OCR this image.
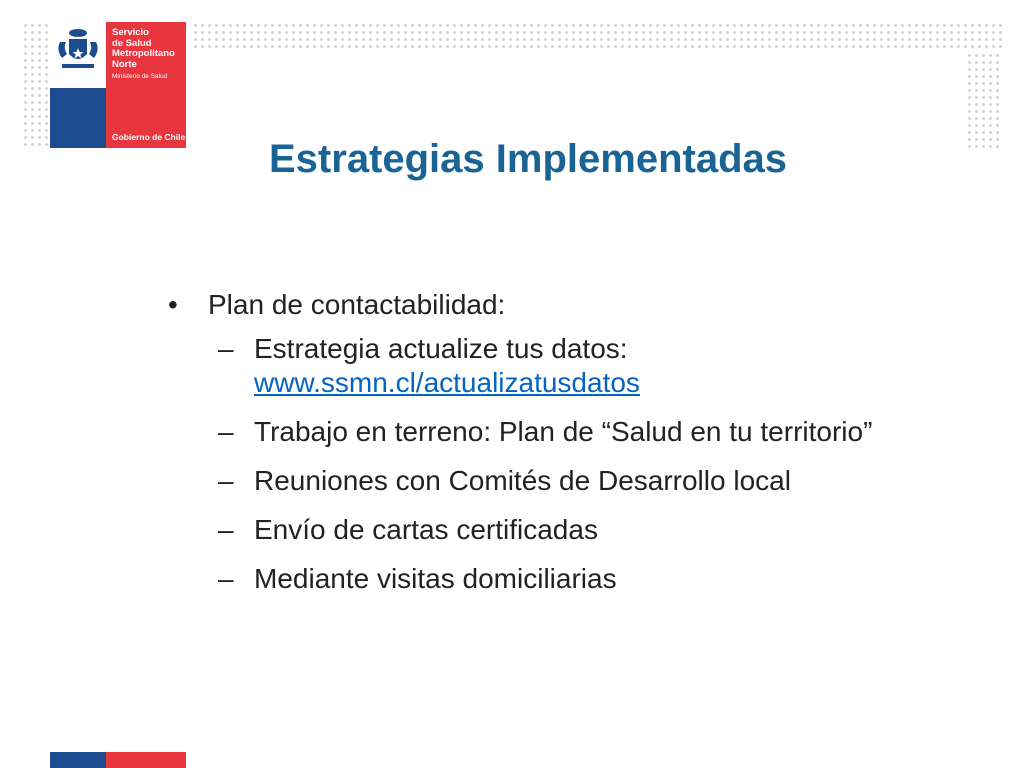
Servicio
de Salud
Metropolitano
Norte
Ministerio de Salud
Gobierno de Chile	Estrategias Implementadas
• Plan de contactabilidad:
– Estrategia actualize tus datos:
www.ssmn.cl/actualizatusdatos
– Trabajo en terreno: Plan de “Salud en tu territorio”
– Reuniones con Comités de Desarrollo local
– Envío de cartas certificadas
– Mediante visitas domiciliarias
